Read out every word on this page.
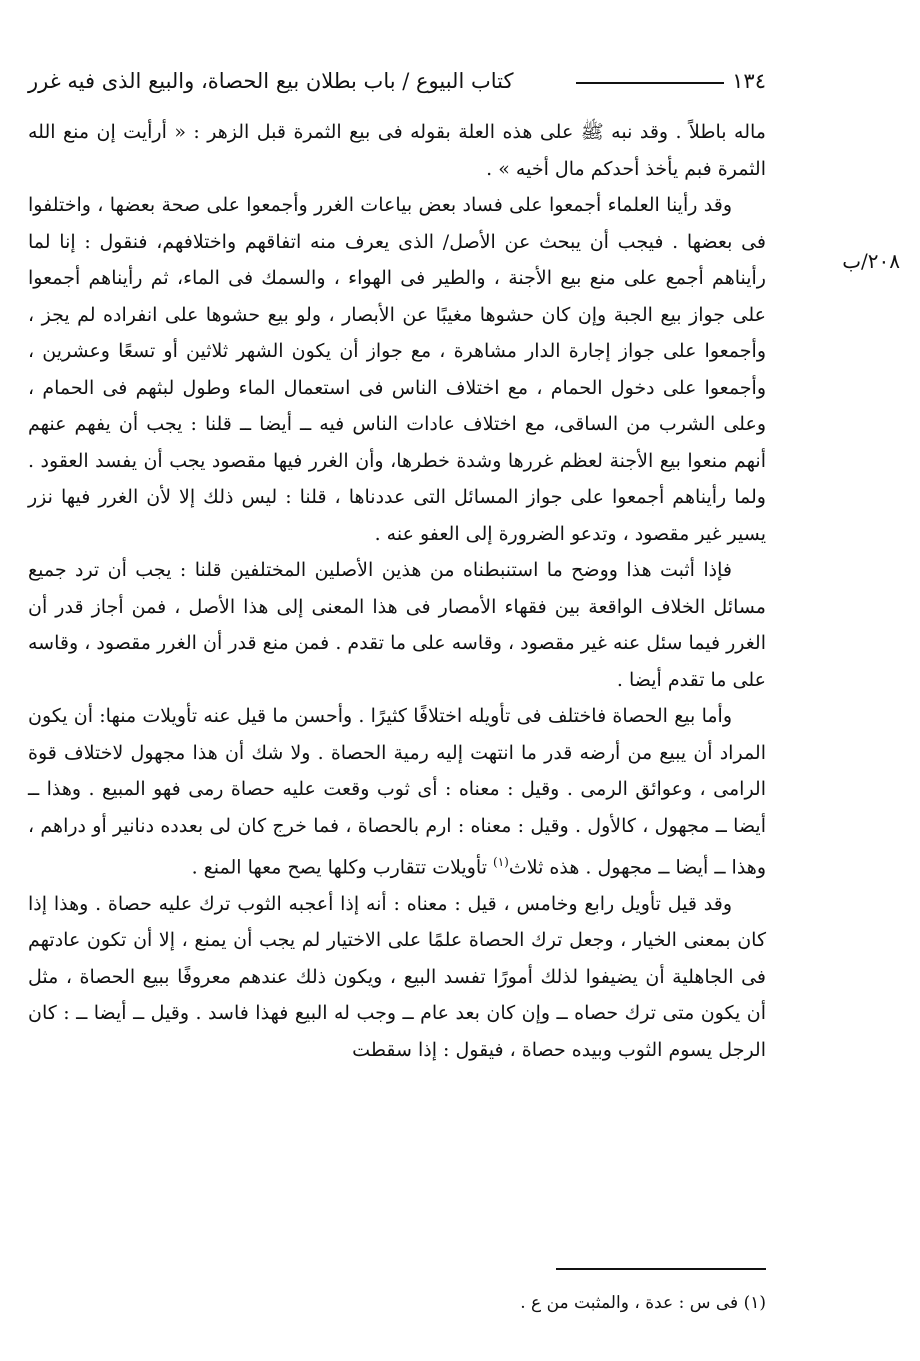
١٣٤
كتاب البيوع / باب بطلان بيع الحصاة، والبيع الذى فيه غرر
٢٠٨/ب

ماله باطلاً . وقد نبه ﷺ على هذه العلة بقوله فى بيع الثمرة قبل الزهر : « أرأيت إن منع الله الثمرة فبم يأخذ أحدكم مال أخيه » .

وقد رأينا العلماء أجمعوا على فساد بعض بياعات الغرر وأجمعوا على صحة بعضها ، واختلفوا فى بعضها . فيجب أن يبحث عن الأصل/ الذى يعرف منه اتفاقهم واختلافهم، فنقول : إنا لما رأيناهم أجمع على منع بيع الأجنة ، والطير فى الهواء ، والسمك فى الماء، ثم رأيناهم أجمعوا على جواز بيع الجبة وإن كان حشوها مغيبًا عن الأبصار ، ولو بيع حشوها على انفراده لم يجز ، وأجمعوا على جواز إجارة الدار مشاهرة ، مع جواز أن يكون الشهر ثلاثين أو تسعًا وعشرين ، وأجمعوا على دخول الحمام ، مع اختلاف الناس فى استعمال الماء وطول لبثهم فى الحمام ، وعلى الشرب من الساقى، مع اختلاف عادات الناس فيه ــ أيضا ــ قلنا : يجب أن يفهم عنهم أنهم منعوا بيع الأجنة لعظم غررها وشدة خطرها، وأن الغرر فيها مقصود يجب أن يفسد العقود . ولما رأيناهم أجمعوا على جواز المسائل التى عددناها ، قلنا : ليس ذلك إلا لأن الغرر فيها نزر يسير غير مقصود ، وتدعو الضرورة إلى العفو عنه .

فإذا أثبت هذا ووضح ما استنبطناه من هذين الأصلين المختلفين قلنا : يجب أن ترد جميع مسائل الخلاف الواقعة بين فقهاء الأمصار فى هذا المعنى إلى هذا الأصل ، فمن أجاز قدر أن الغرر فيما سئل عنه غير مقصود ، وقاسه على ما تقدم . فمن منع قدر أن الغرر مقصود ، وقاسه على ما تقدم أيضا .

وأما بيع الحصاة فاختلف فى تأويله اختلافًا كثيرًا . وأحسن ما قيل عنه تأويلات منها: أن يكون المراد أن يبيع من أرضه قدر ما انتهت إليه رمية الحصاة . ولا شك أن هذا مجهول لاختلاف قوة الرامى ، وعوائق الرمى . وقيل : معناه : أى ثوب وقعت عليه حصاة رمى فهو المبيع . وهذا ــ أيضا ــ مجهول ، كالأول . وقيل : معناه : ارم بالحصاة ، فما خرج كان لى بعدده دنانير أو دراهم ، وهذا ــ أيضا ــ مجهول . هذه ثلاث$^{(١)}$ تأويلات تتقارب وكلها يصح معها المنع .

وقد قيل تأويل رابع وخامس ، قيل : معناه : أنه إذا أعجبه الثوب ترك عليه حصاة . وهذا إذا كان بمعنى الخيار ، وجعل ترك الحصاة علمًا على الاختيار لم يجب أن يمنع ، إلا أن تكون عادتهم فى الجاهلية أن يضيفوا لذلك أمورًا تفسد البيع ، ويكون ذلك عندهم معروفًا ببيع الحصاة ، مثل أن يكون متى ترك حصاه ــ وإن كان بعد عام ــ وجب له البيع فهذا فاسد . وقيل ــ أيضا ــ : كان الرجل يسوم الثوب وبيده حصاة ، فيقول : إذا سقطت

(١) فى س : عدة ، والمثبت من ع .
